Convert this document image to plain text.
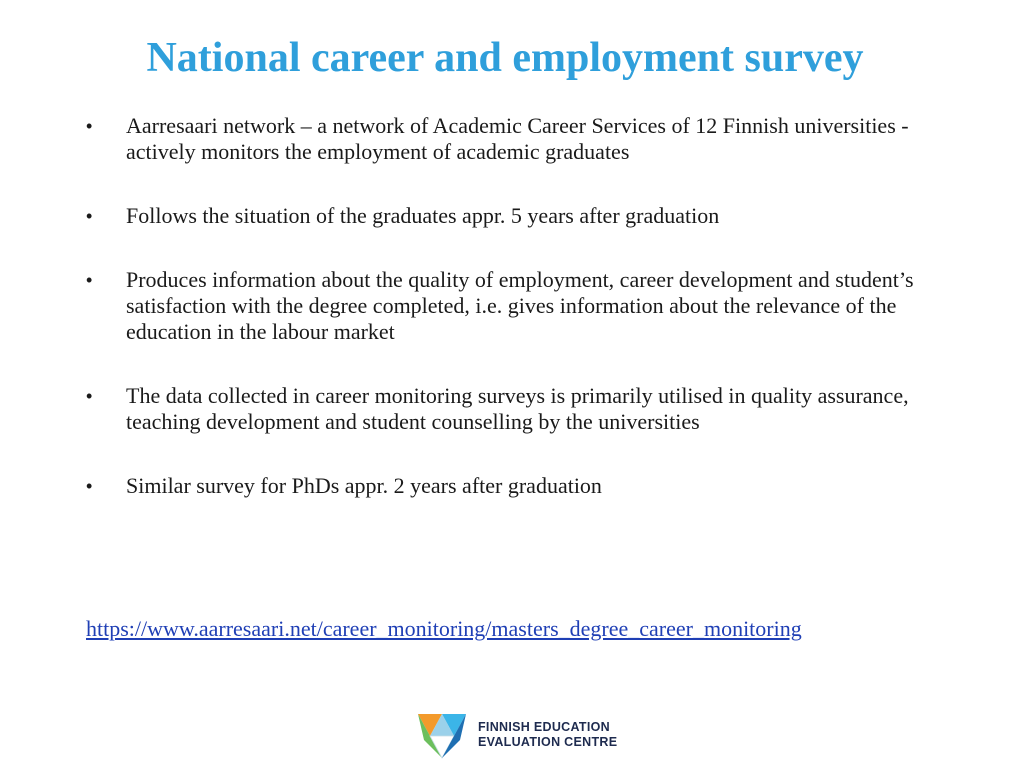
National career and employment survey
• Aarresaari network – a network of Academic Career Services of 12 Finnish universities - actively monitors the employment of academic graduates
• Follows the situation of the graduates appr. 5 years after graduation
• Produces information about the quality of employment, career development and student’s satisfaction with the degree completed, i.e. gives information about the relevance of the education in the labour market
• The data collected in career monitoring surveys is primarily utilised in quality assurance, teaching development and student counselling by the universities
• Similar survey for PhDs appr. 2 years after graduation
https://www.aarresaari.net/career_monitoring/masters_degree_career_monitoring
FINNISH EDUCATION
EVALUATION CENTRE
